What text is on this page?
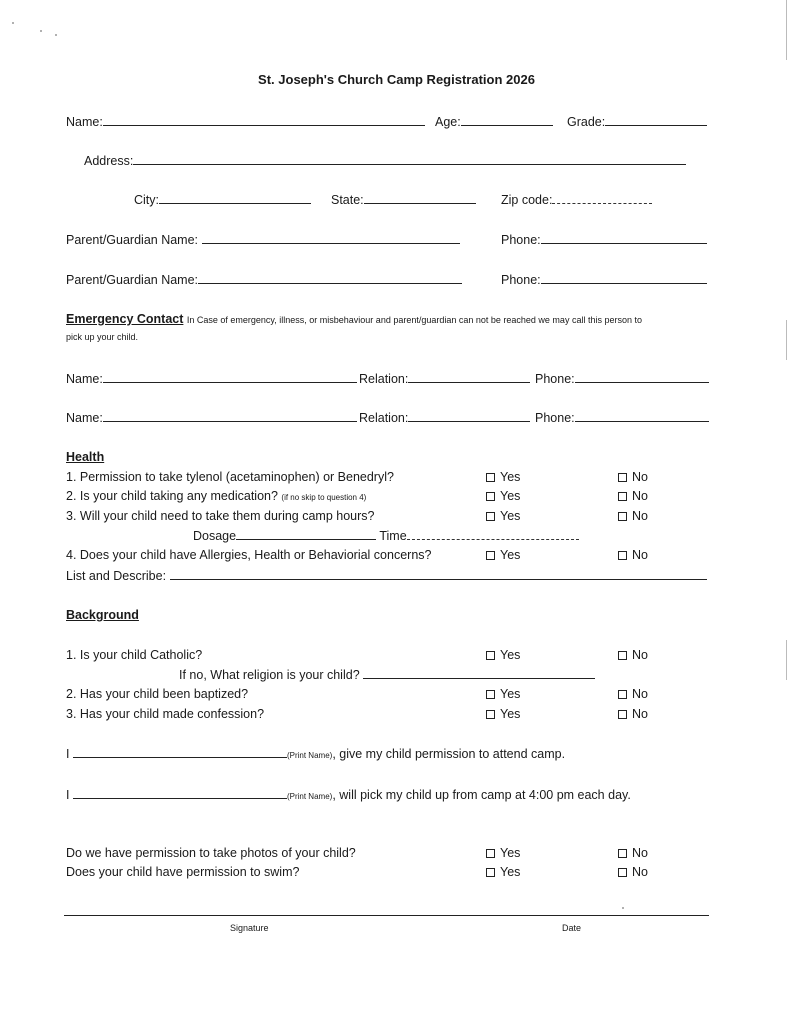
St. Joseph's Church Camp Registration 2026
Name:	Age:	Grade:
Address:
City:	State:	Zip code:
Parent/Guardian Name:	Phone:
Parent/Guardian Name:	Phone:
Emergency Contact In Case of emergency, illness, or misbehaviour and parent/guardian can not be reached we may call this person to
pick up your child.
Name:	Relation:	Phone:
Name:	Relation:	Phone:
Health
1. Permission to take tylenol (acetaminophen) or Benedryl?	Yes	No
2. Is your child taking any medication? (if no skip to question 4)	Yes	No
3. Will your child need to take them during camp hours?	Yes	No
Dosage	Time
4. Does your child have Allergies, Health or Behaviorial concerns?	Yes	No
List and Describe:
Background
1. Is your child Catholic?	Yes	No
If no, What religion is your child?
2. Has your child been baptized?	Yes	No
3. Has your child made confession?	Yes	No
I	(Print Name), give my child permission to attend camp.
I	(Print Name), will pick my child up from camp at 4:00 pm each day.
Do we have permission to take photos of your child?	Yes	No
Does your child have permission to swim?	Yes	No
Signature	Date
